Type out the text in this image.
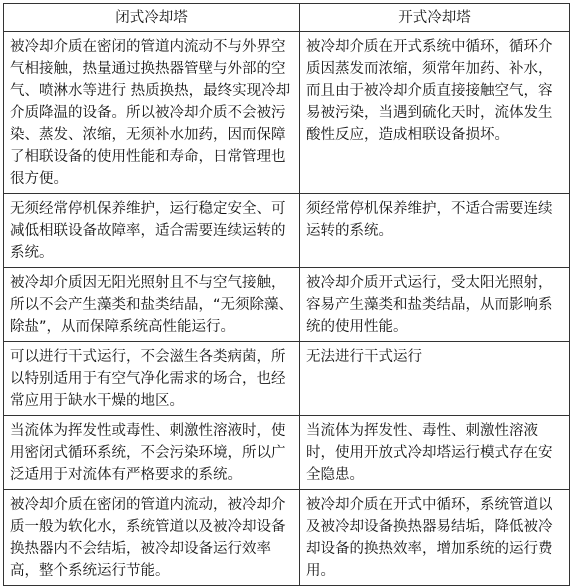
闭式冷却塔	开式冷却塔
被冷却介质在密闭的管道内流动不与外界空气相接触，热量通过换热器管壁与外部的空气、喷淋水等进行 热质换热，最终实现冷却介质降温的设备。所以被冷却介质不会被污染、蒸发、浓缩，无须补水加药，因而保障了相联设备的使用性能和寿命，日常管理也很方便。	被冷却介质在开式系统中循环，循环介质因蒸发而浓缩，须常年加药、补水，而且由于被冷却介质直接接触空气，容易被污染，当遇到硫化天时，流体发生酸性反应，造成相联设备损坏。
无须经常停机保养维护，运行稳定安全、可减低相联设备故障率，适合需要连续运转的系统。	须经常停机保养维护，不适合需要连续运转的系统。
被冷却介质因无阳光照射且不与空气接触，所以不会产生藻类和盐类结晶，“无须除藻、除盐”，从而保障系统高性能运行。	被冷却介质开式运行，受太阳光照射，容易产生藻类和盐类结晶，从而影响系统的使用性能。
可以进行干式运行，不会滋生各类病菌，所以特别适用于有空气净化需求的场合，也经常应用于缺水干燥的地区。	无法进行干式运行
当流体为挥发性或毒性、刺激性溶液时，使用密闭式循环系统，不会污染环境，所以广泛适用于对流体有严格要求的系统。	当流体为挥发性、毒性、刺激性溶液时，使用开放式冷却塔运行模式存在安全隐患。
被冷却介质在密闭的管道内流动，被冷却介质一般为软化水，系统管道以及被冷却设备换热器内不会结垢，被冷却设备运行效率高，整个系统运行节能。	被冷却介质在开式中循环，系统管道以及被冷却设备换热器易结垢，降低被冷却设备的换热效率，增加系统的运行费用。
